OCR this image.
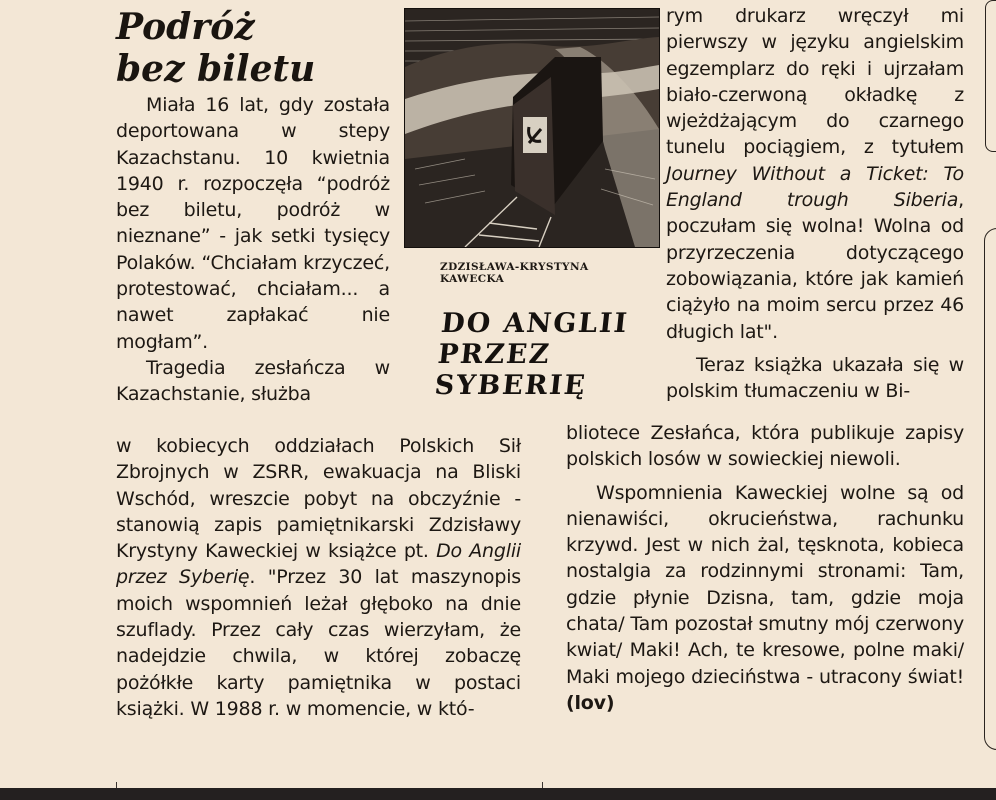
Podróż
bez biletu

Miała 16 lat, gdy została deportowana w stepy Kazachstanu. 10 kwietnia 1940 r. rozpoczęła “podróż bez biletu, podróż w nieznane” - jak setki tysięcy Polaków. “Chciałam krzyczeć, protestować, chciałam... a nawet zapłakać nie mogłam”.

Tragedia zesłańcza w Kazachstanie, służba

w kobiecych oddziałach Polskich Sił Zbrojnych w ZSRR, ewakuacja na Bliski Wschód, wreszcie pobyt na obczyźnie - stanowią zapis pamiętnikarski Zdzisławy Krystyny Kaweckiej w książce pt. Do Anglii przez Syberię. "Przez 30 lat maszynopis moich wspomnień leżał głęboko na dnie szuflady. Przez cały czas wierzyłam, że nadejdzie chwila, w której zobaczę pożółkłe karty pamiętnika w postaci książki. W 1988 r. w momencie, w któ-

ZDZISŁAWA-KRYSTYNA
KAWECKA

DO ANGLII
PRZEZ
SYBERIĘ

rym drukarz wręczył mi pierwszy w języku angielskim egzemplarz do ręki i ujrzałam biało-czerwoną okładkę z wjeżdżającym do czarnego tunelu pociągiem, z tytułem Journey Without a Ticket: To England trough Siberia, poczułam się wolna! Wolna od przyrzeczenia dotyczącego zobowiązania, które jak kamień ciążyło na moim sercu przez 46 długich lat".

Teraz książka ukazała się w polskim tłumaczeniu w Bi-

bliotece Zesłańca, która publikuje zapisy polskich losów w sowieckiej niewoli.

Wspomnienia Kaweckiej wolne są od nienawiści, okrucieństwa, rachunku krzywd. Jest w nich żal, tęsknota, kobieca nostalgia za rodzinnymi stronami: Tam, gdzie płynie Dzisna, tam, gdzie moja chata/ Tam pozostał smutny mój czerwony kwiat/ Maki! Ach, te kresowe, polne maki/ Maki mojego dzieciństwa - utracony świat! (lov)
